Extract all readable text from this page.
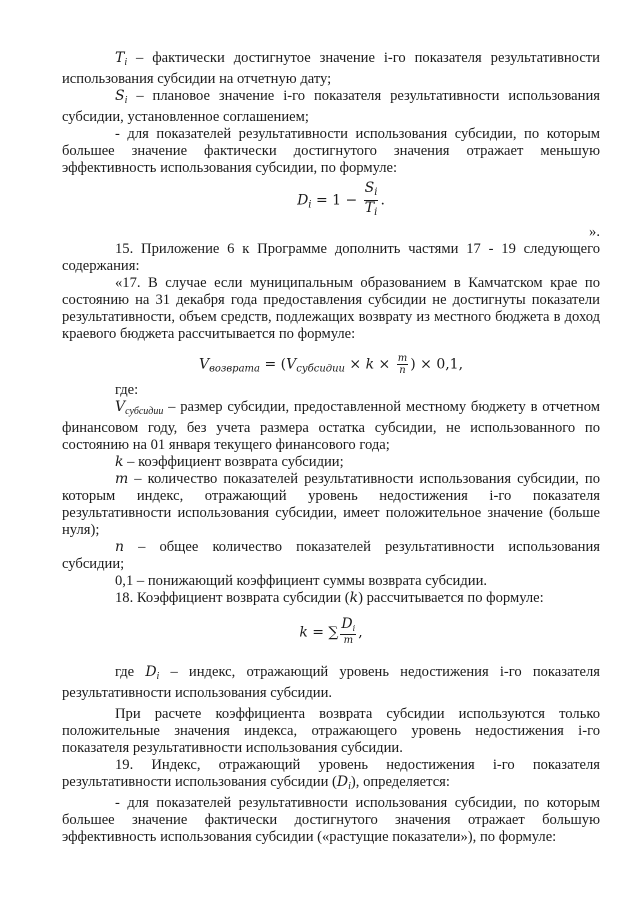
$T_i$ – фактически достигнутое значение i-го показателя результативности использования субсидии на отчетную дату;

$S_i$ – плановое значение i-го показателя результативности использования субсидии, установленное соглашением;

- для показателей результативности использования субсидии, по которым большее значение фактически достигнутого значения отражает меньшую эффективность использования субсидии, по формуле:

$D_i = 1 - \frac{S_i}{T_i}$ .

».

15. Приложение 6 к Программе дополнить частями 17 - 19 следующего содержания:

«17. В случае если муниципальным образованием в Камчатском крае по состоянию на 31 декабря года предоставления субсидии не достигнуты показатели результативности, объем средств, подлежащих возврату из местного бюджета в доход краевого бюджета рассчитывается по формуле:

$V_{возврата} = (V_{субсидии} \times k \times \frac{m}{n}$ ) × 0,1,

где:

$V_{субсидии}$ – размер субсидии, предоставленной местному бюджету в отчетном финансовом году, без учета размера остатка субсидии, не использованного по состоянию на 01 января текущего финансового года;

k – коэффициент возврата субсидии;

m – количество показателей результативности использования субсидии, по которым индекс, отражающий уровень недостижения i-го показателя результативности использования субсидии, имеет положительное значение (больше нуля);

n – общее количество показателей результативности использования субсидии;

0,1 – понижающий коэффициент суммы возврата субсидии.

18. Коэффициент возврата субсидии (k) рассчитывается по формуле:

k = ∑ $\frac{D_i}{m}$ ,

где $D_i$ – индекс, отражающий уровень недостижения i-го показателя результативности использования субсидии.

При расчете коэффициента возврата субсидии используются только положительные значения индекса, отражающего уровень недостижения i-го показателя результативности использования субсидии.

19. Индекс, отражающий уровень недостижения i-го показателя результативности использования субсидии $(D_i)$, определяется:

- для показателей результативности использования субсидии, по которым большее значение фактически достигнутого значения отражает большую эффективность использования субсидии («растущие показатели»), по формуле:
